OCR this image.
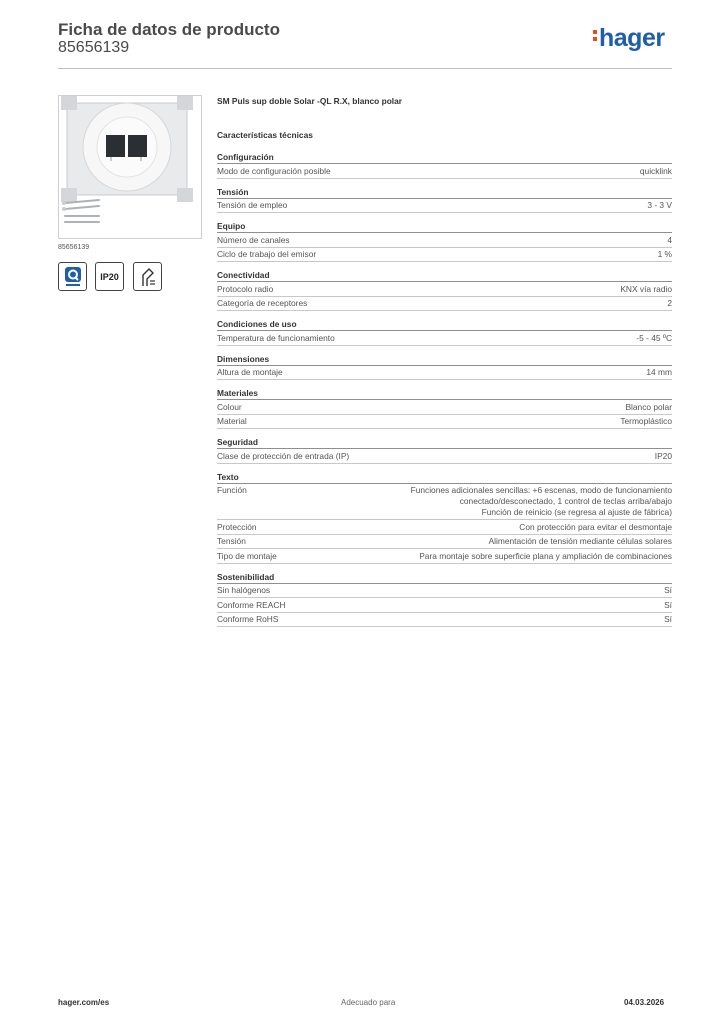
Ficha de datos de producto
85656139	hager
85656139
IP20
SM Puls sup doble Solar -QL R.X, blanco polar
Características técnicas
Configuración
Modo de configuración posible	quicklink
Tensión
Tensión de empleo	3 - 3 V
Equipo
Número de canales	4
Ciclo de trabajo del emisor	1 %
Conectividad
Protocolo radio	KNX vía radio
Categoría de receptores	2
Condiciones de uso
Temperatura de funcionamiento	-5 - 45 ºC
Dimensiones
Altura de montaje	14 mm
Materiales
Colour	Blanco polar
Material	Termoplástico
Seguridad
Clase de protección de entrada (IP)	IP20
Texto
Función	Funciones adicionales sencillas: +6 escenas, modo de funcionamiento
conectado/desconectado, 1 control de teclas arriba/abajo
Función de reinicio (se regresa al ajuste de fábrica)
Protección	Con protección para evitar el desmontaje
Tensión	Alimentación de tensión mediante células solares
Tipo de montaje	Para montaje sobre superficie plana y ampliación de combinaciones
Sostenibilidad
Sin halógenos	Sí
Conforme REACH	Sí
Conforme RoHS	Sí
hager.com/es	Adecuado para	04.03.2026
